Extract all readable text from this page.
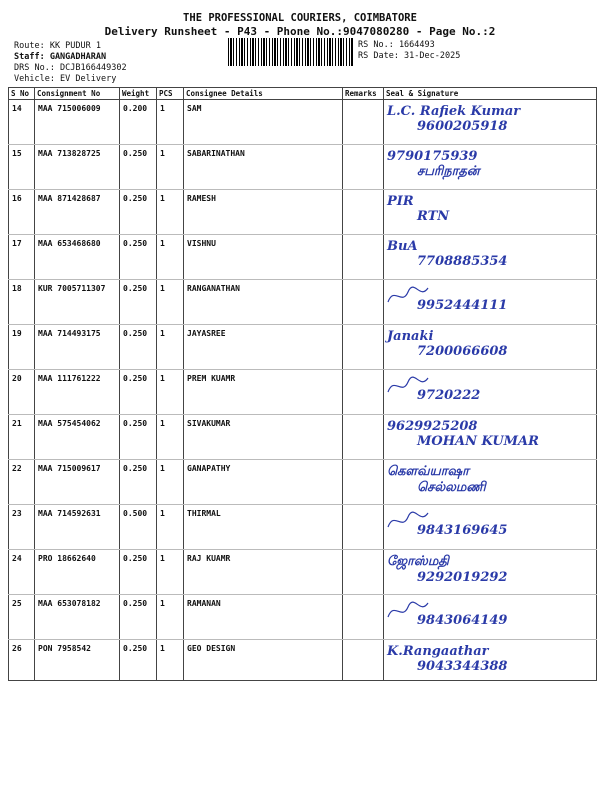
THE PROFESSIONAL COURIERS, COIMBATORE
Delivery Runsheet - P43 - Phone No.:9047080280 - Page No.:2
Route: KK PUDUR 1
Staff: GANGADHARAN
DRS No.: DCJB166449302
Vehicle: EV Delivery
RS No.: 1664493
RS Date: 31-Dec-2025
S No	Consignment No	Weight	PCS	Consignee Details	Remarks	Seal & Signature
14	MAA 715006009	0.200	1	SAM		L.C. Rafiek Kumar
9600205918

15	MAA 713828725	0.250	1	SABARINATHAN		9790175939
சபரிநாதன்

16	MAA 871428687	0.250	1	RAMESH		PIR
RTN

17	MAA 653468680	0.250	1	VISHNU		BuA
7708885354

18	KUR 7005711307	0.250	1	RANGANATHAN		9952444111

19	MAA 714493175	0.250	1	JAYASREE		Janaki
7200066608

20	MAA 111761222	0.250	1	PREM KUAMR		9720222

21	MAA 575454062	0.250	1	SIVAKUMAR		9629925208
MOHAN KUMAR

22	MAA 715009617	0.250	1	GANAPATHY		கௌவ்யாஷா
செல்லமணி

23	MAA 714592631	0.500	1	THIRMAL		9843169645

24	PRO 18662640	0.250	1	RAJ KUAMR		ஜோஸ்மதி
9292019292

25	MAA 653078182	0.250	1	RAMANAN		9843064149

26	PON 7958542	0.250	1	GEO DESIGN		K.Rangaathar
9043344388
